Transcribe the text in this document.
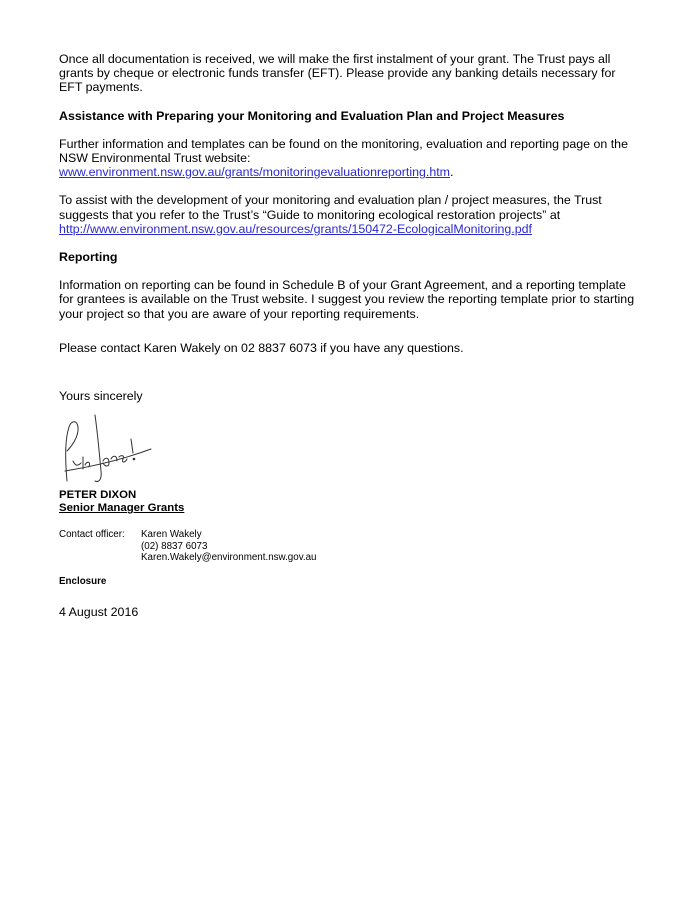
Once all documentation is received, we will make the first instalment of your grant. The Trust pays all grants by cheque or electronic funds transfer (EFT). Please provide any banking details necessary for EFT payments.

Assistance with Preparing your Monitoring and Evaluation Plan and Project Measures

Further information and templates can be found on the monitoring, evaluation and reporting page on the NSW Environmental Trust website:
www.environment.nsw.gov.au/grants/monitoringevaluationreporting.htm.

To assist with the development of your monitoring and evaluation plan / project measures, the Trust suggests that you refer to the Trust’s “Guide to monitoring ecological restoration projects” at
http://www.environment.nsw.gov.au/resources/grants/150472-EcologicalMonitoring.pdf

Reporting

Information on reporting can be found in Schedule B of your Grant Agreement, and a reporting template for grantees is available on the Trust website. I suggest you review the reporting template prior to starting your project so that you are aware of your reporting requirements.

Please contact Karen Wakely on 02 8837 6073 if you have any questions.

Yours sincerely

PETER DIXON

Senior Manager Grants

Contact officer:	Karen Wakely
(02) 8837 6073
Karen.Wakely@environment.nsw.gov.au

Enclosure

4 August 2016
